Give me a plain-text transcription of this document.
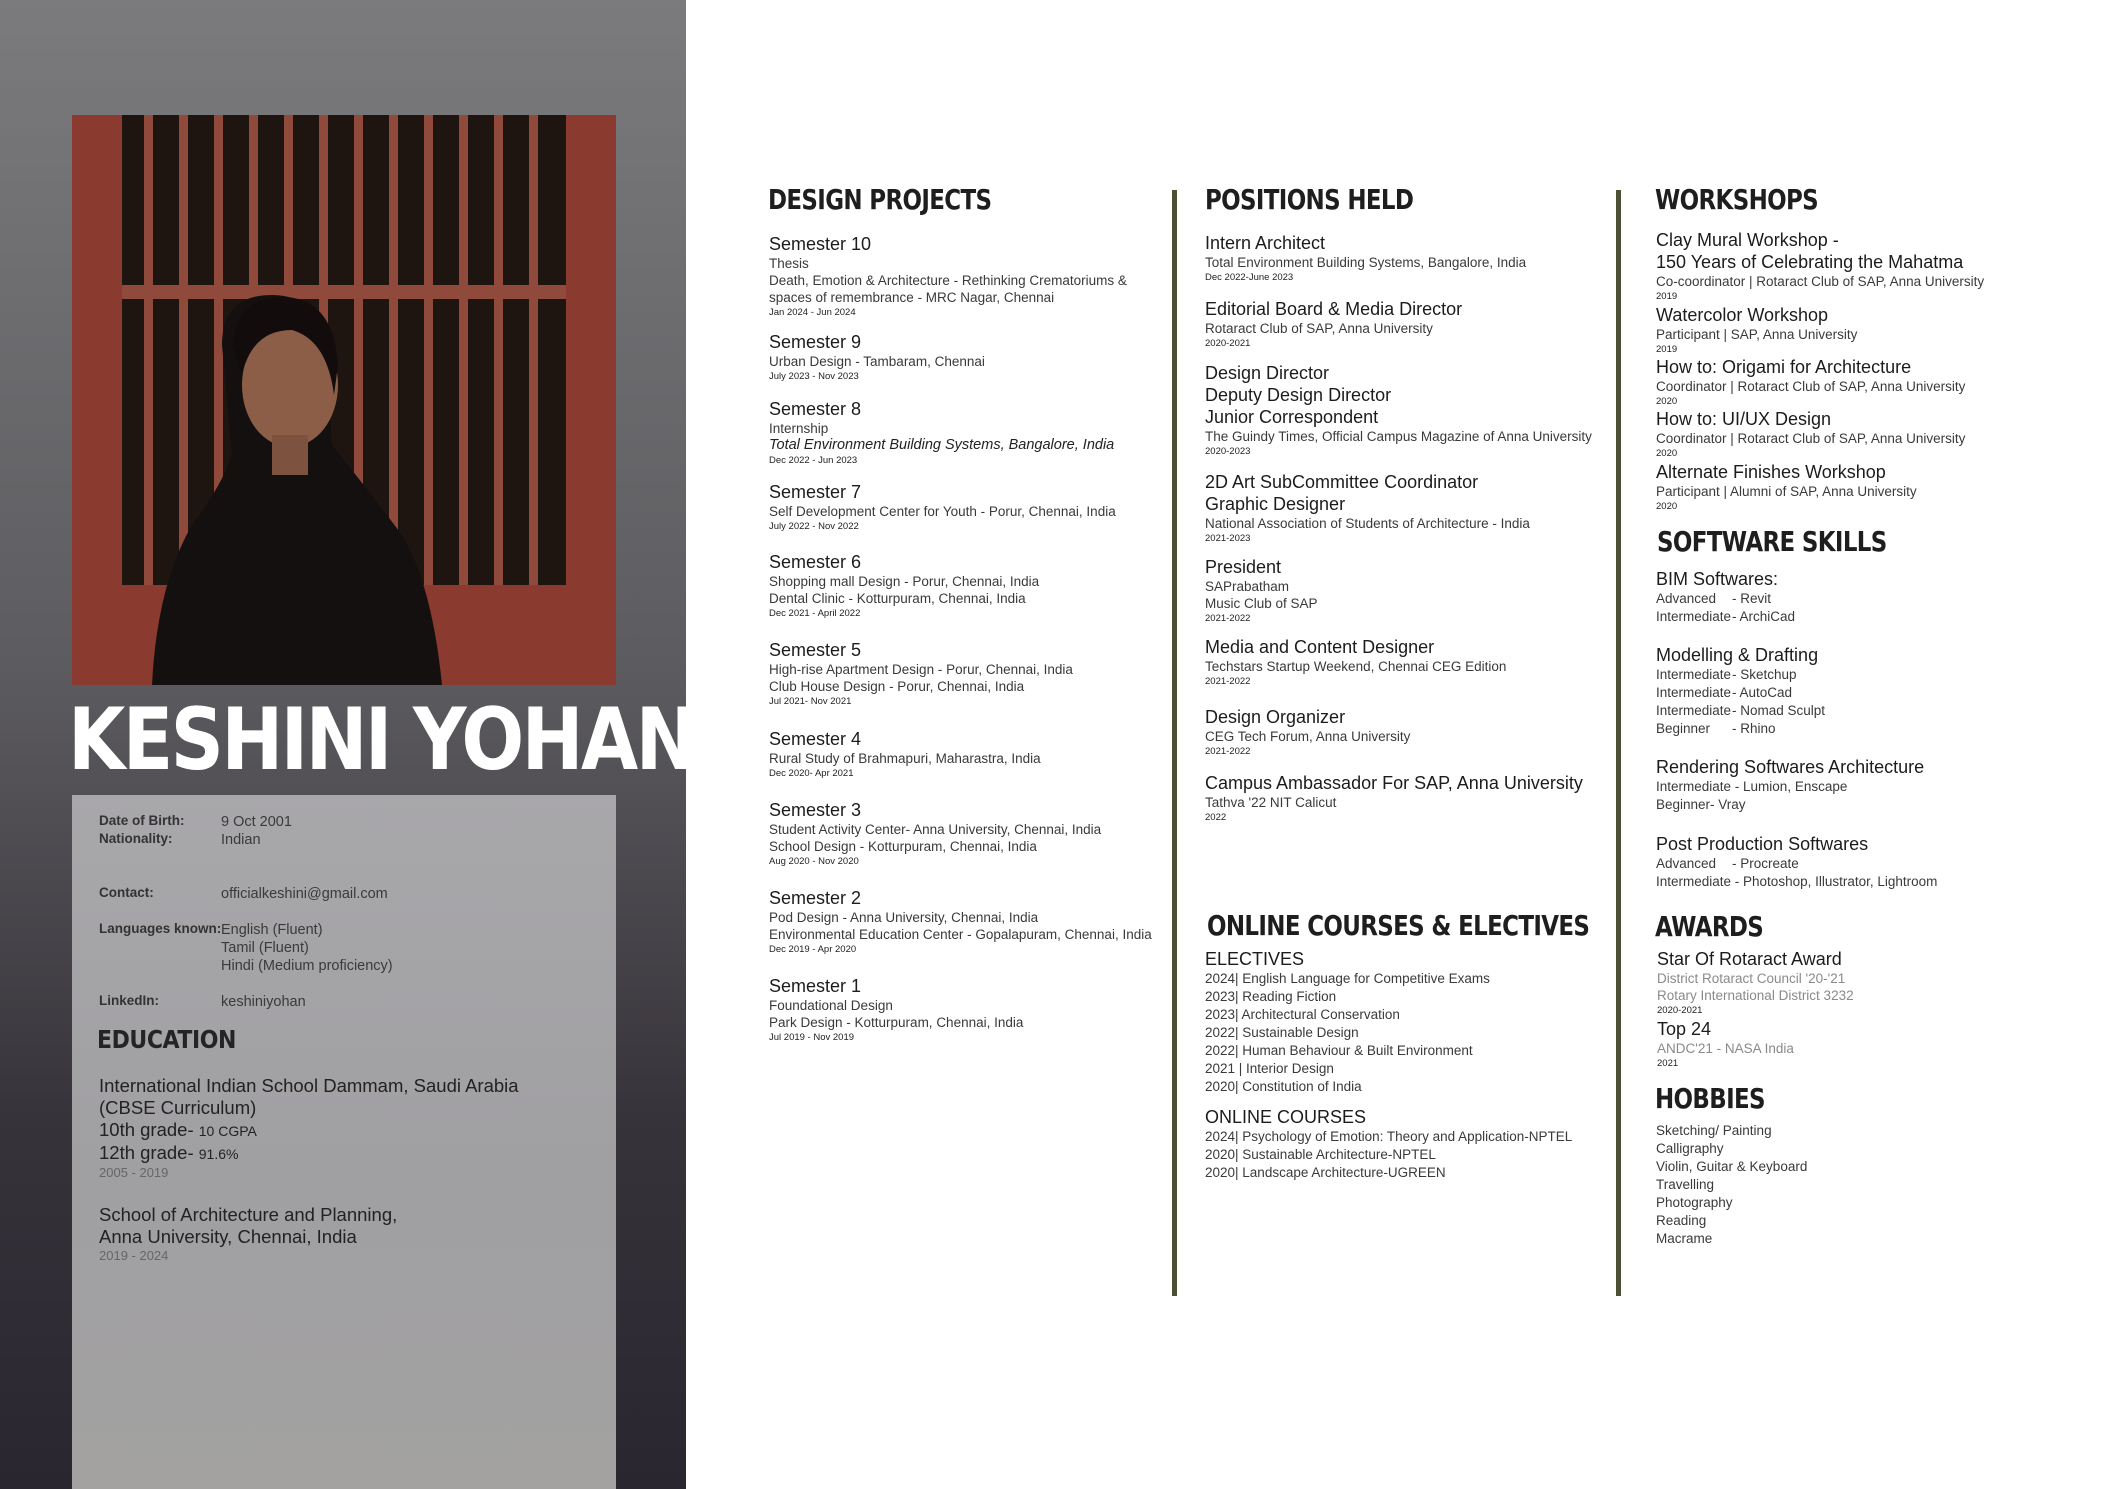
KESHINI YOHAN
Date of Birth:	9 Oct 2001
Nationality:	Indian
Contact:	officialkeshini@gmail.com
Languages known: English (Fluent)
Tamil (Fluent)
Hindi (Medium proficiency)
LinkedIn:	keshiniyohan
EDUCATION
International Indian School Dammam, Saudi Arabia
(CBSE Curriculum)
10th grade- 10 CGPA
12th grade- 91.6%
2005 - 2019
School of Architecture and Planning,
Anna University, Chennai, India
2019 - 2024
DESIGN PROJECTS
Semester 10
Thesis
Death, Emotion & Architecture - Rethinking Crematoriums &
spaces of remembrance - MRC Nagar, Chennai
Jan 2024 - Jun 2024
Semester 9
Urban Design - Tambaram, Chennai
July 2023 - Nov 2023
Semester 8
Internship
Total Environment Building Systems, Bangalore, India
Dec 2022 - Jun 2023
Semester 7
Self Development Center for Youth - Porur, Chennai, India
July 2022 - Nov 2022
Semester 6
Shopping mall Design - Porur, Chennai, India
Dental Clinic - Kotturpuram, Chennai, India
Dec 2021 - April 2022
Semester 5
High-rise Apartment Design - Porur, Chennai, India
Club House Design - Porur, Chennai, India
Jul 2021- Nov 2021
Semester 4
Rural Study of Brahmapuri, Maharastra, India
Dec 2020- Apr 2021
Semester 3
Student Activity Center- Anna University, Chennai, India
School Design - Kotturpuram, Chennai, India
Aug 2020 - Nov 2020
Semester 2
Pod Design - Anna University, Chennai, India
Environmental Education Center - Gopalapuram, Chennai, India
Dec 2019 - Apr 2020
Semester 1
Foundational Design
Park Design - Kotturpuram, Chennai, India
Jul 2019 - Nov 2019
POSITIONS HELD
Intern Architect
Total Environment Building Systems, Bangalore, India
Dec 2022-June 2023
Editorial Board & Media Director
Rotaract Club of SAP, Anna University
2020-2021
Design Director
Deputy Design Director
Junior Correspondent
The Guindy Times, Official Campus Magazine of Anna University
2020-2023
2D Art SubCommittee Coordinator
Graphic Designer
National Association of Students of Architecture - India
2021-2023
President
SAPrabatham
Music Club of SAP
2021-2022
Media and Content Designer
Techstars Startup Weekend, Chennai CEG Edition
2021-2022
Design Organizer
CEG Tech Forum, Anna University
2021-2022
Campus Ambassador For SAP, Anna University
Tathva '22 NIT Calicut
2022
ONLINE COURSES & ELECTIVES
ELECTIVES
2024| English Language for Competitive Exams
2023| Reading Fiction
2023| Architectural Conservation
2022| Sustainable Design
2022| Human Behaviour & Built Environment
2021 | Interior Design
2020| Constitution of India
ONLINE COURSES
2024| Psychology of Emotion: Theory and Application-NPTEL
2020| Sustainable Architecture-NPTEL
2020| Landscape Architecture-UGREEN
WORKSHOPS
Clay Mural Workshop -
150 Years of Celebrating the Mahatma
Co-coordinator | Rotaract Club of SAP, Anna University
2019
Watercolor Workshop
Participant | SAP, Anna University
2019
How to: Origami for Architecture
Coordinator | Rotaract Club of SAP, Anna University
2020
How to: UI/UX Design
Coordinator | Rotaract Club of SAP, Anna University
2020
Alternate Finishes Workshop
Participant | Alumni of SAP, Anna University
2020
SOFTWARE SKILLS
BIM Softwares:
Advanced - Revit
Intermediate- ArchiCad
Modelling & Drafting
Intermediate- Sketchup
Intermediate- AutoCad
Intermediate- Nomad Sculpt
Beginner - Rhino
Rendering Softwares Architecture
Intermediate - Lumion, Enscape
Beginner- Vray
Post Production Softwares
Advanced - Procreate
Intermediate - Photoshop, Illustrator, Lightroom
AWARDS
Star Of Rotaract Award
District Rotaract Council '20-'21
Rotary International District 3232
2020-2021
Top 24
ANDC'21 - NASA India
2021
HOBBIES
Sketching/ Painting
Calligraphy
Violin, Guitar & Keyboard
Travelling
Photography
Reading
Macrame
